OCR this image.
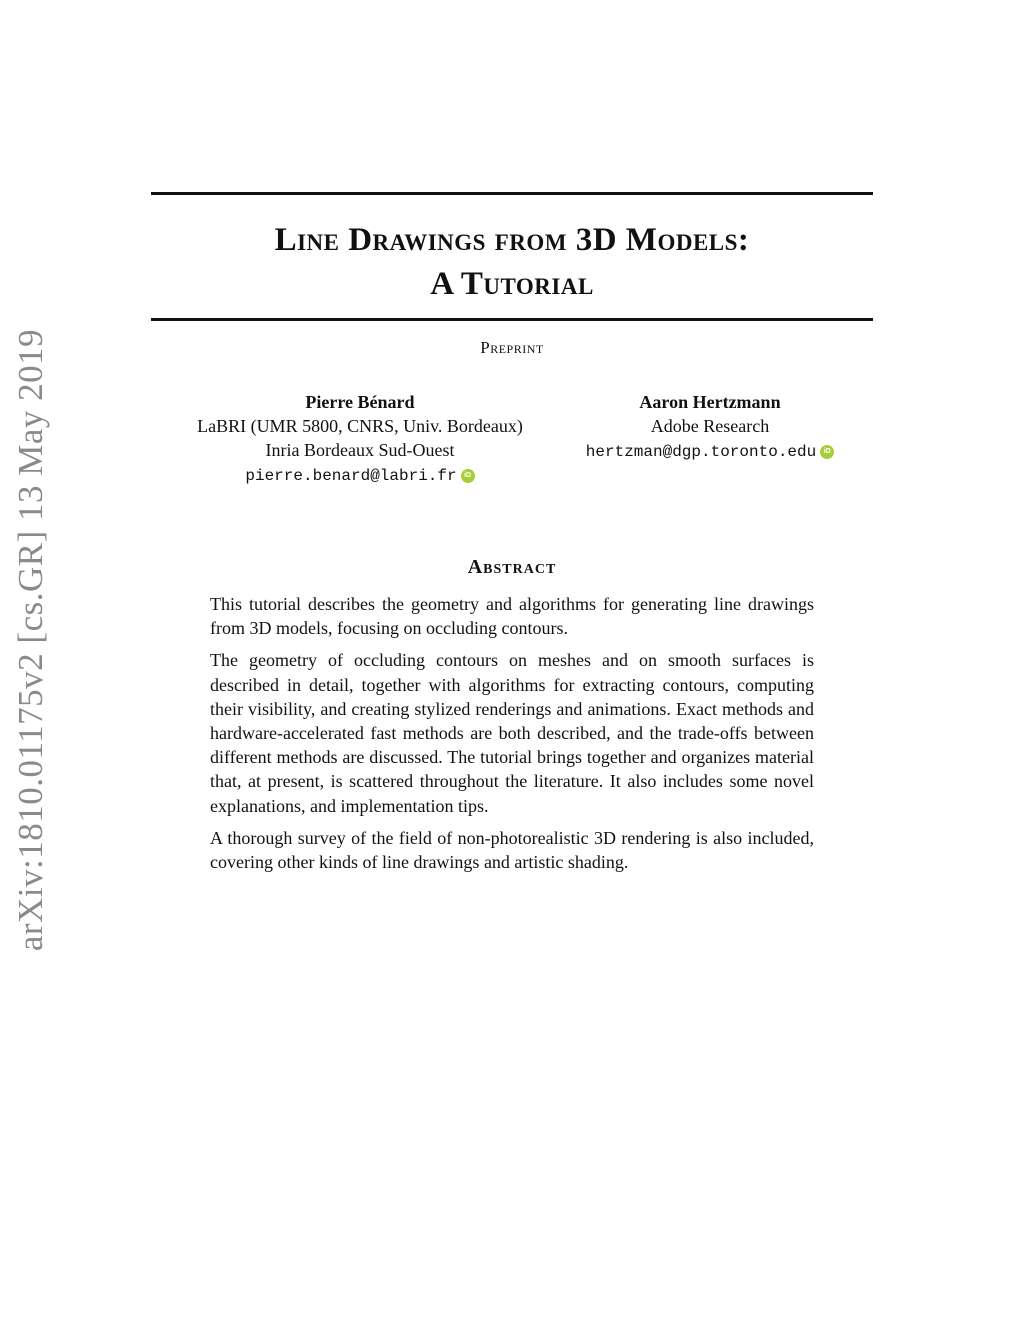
arXiv:1810.01175v2 [cs.GR] 13 May 2019
Line Drawings from 3D Models:
A Tutorial
Preprint
Pierre Bénard
LaBRI (UMR 5800, CNRS, Univ. Bordeaux)
Inria Bordeaux Sud-Ouest
pierre.benard@labri.fr iD
Aaron Hertzmann
Adobe Research
hertzman@dgp.toronto.edu iD
Abstract

This tutorial describes the geometry and algorithms for generating line drawings from 3D models, focusing on occluding contours.

The geometry of occluding contours on meshes and on smooth surfaces is described in detail, together with algorithms for extracting contours, computing their visibility, and creating stylized renderings and animations. Exact methods and hardware-accelerated fast methods are both described, and the trade-offs between different methods are discussed. The tutorial brings together and organizes material that, at present, is scattered throughout the literature. It also includes some novel explanations, and implementation tips.

A thorough survey of the field of non-photorealistic 3D rendering is also included, covering other kinds of line drawings and artistic shading.
